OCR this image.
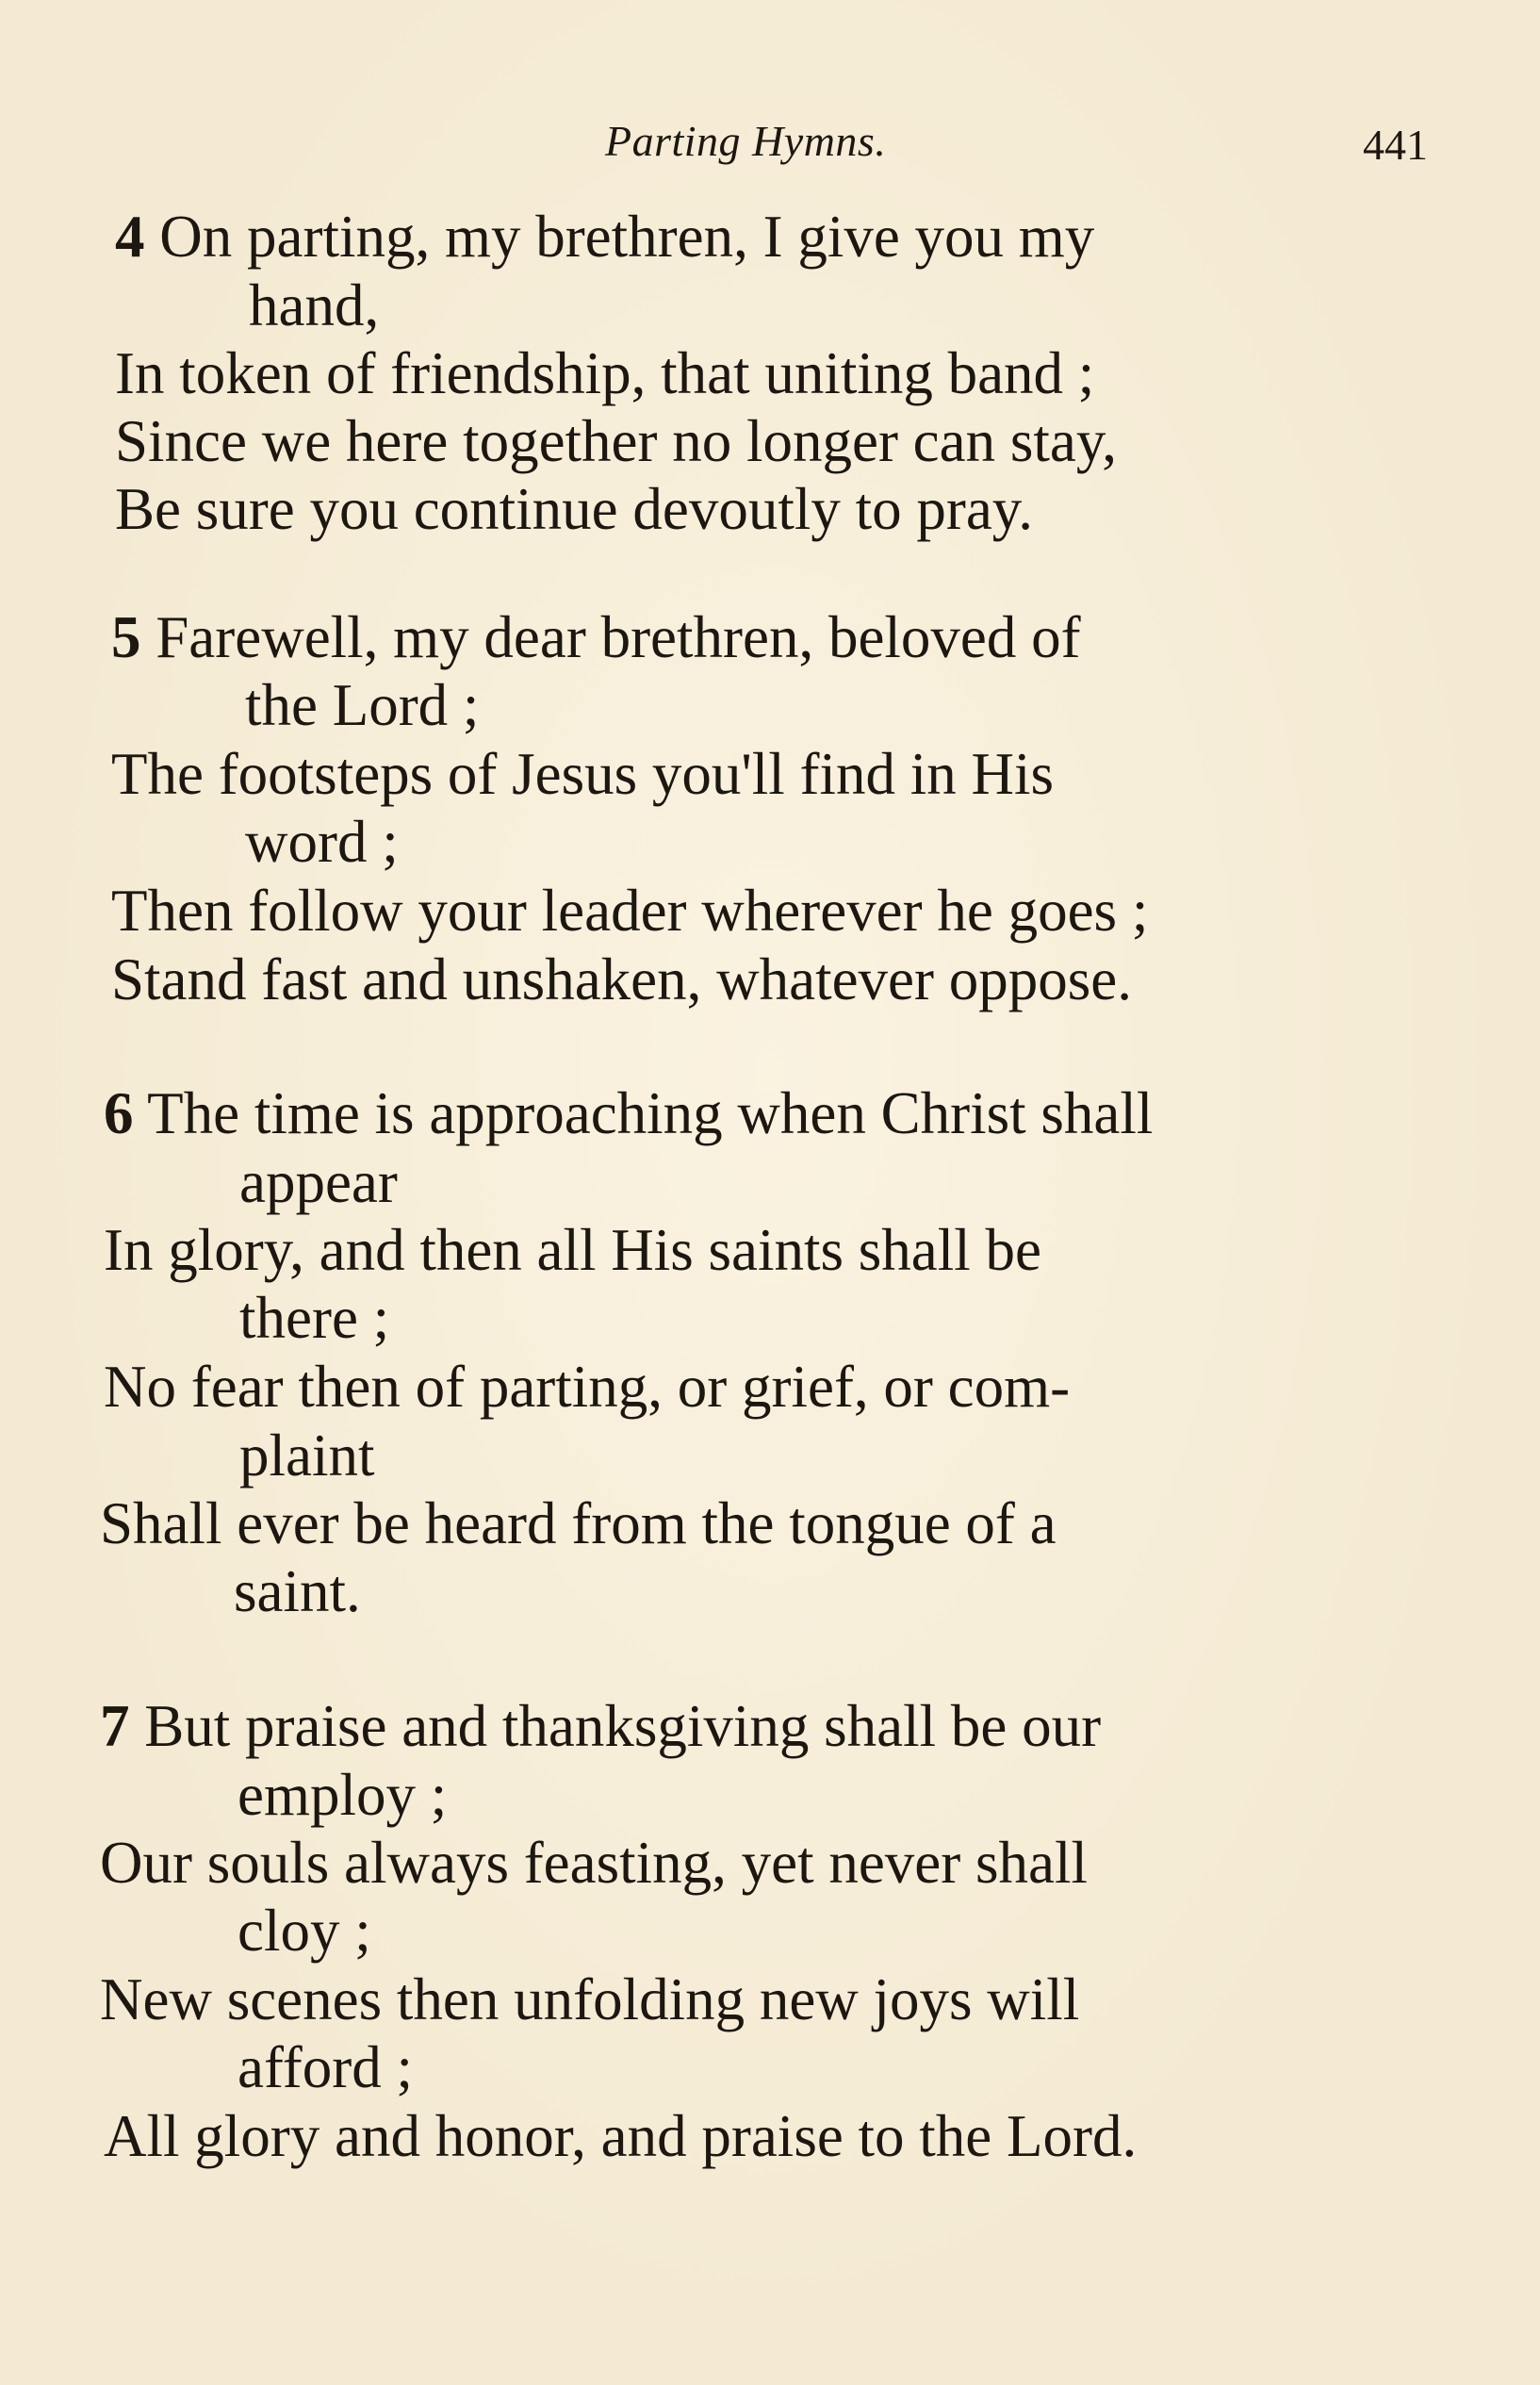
Parting Hymns.	441
4 On parting, my brethren, I give you my
hand,
In token of friendship, that uniting band ;
Since we here together no longer can stay,
Be sure you continue devoutly to pray.
5 Farewell, my dear brethren, beloved of
the Lord ;
The footsteps of Jesus you'll find in His
word ;
Then follow your leader wherever he goes ;
Stand fast and unshaken, whatever oppose.
6 The time is approaching when Christ shall
appear
In glory, and then all His saints shall be
there ;
No fear then of parting, or grief, or com-
plaint
Shall ever be heard from the tongue of a
saint.
7 But praise and thanksgiving shall be our
employ ;
Our souls always feasting, yet never shall
cloy ;
New scenes then unfolding new joys will
afford ;
All glory and honor, and praise to the Lord.
